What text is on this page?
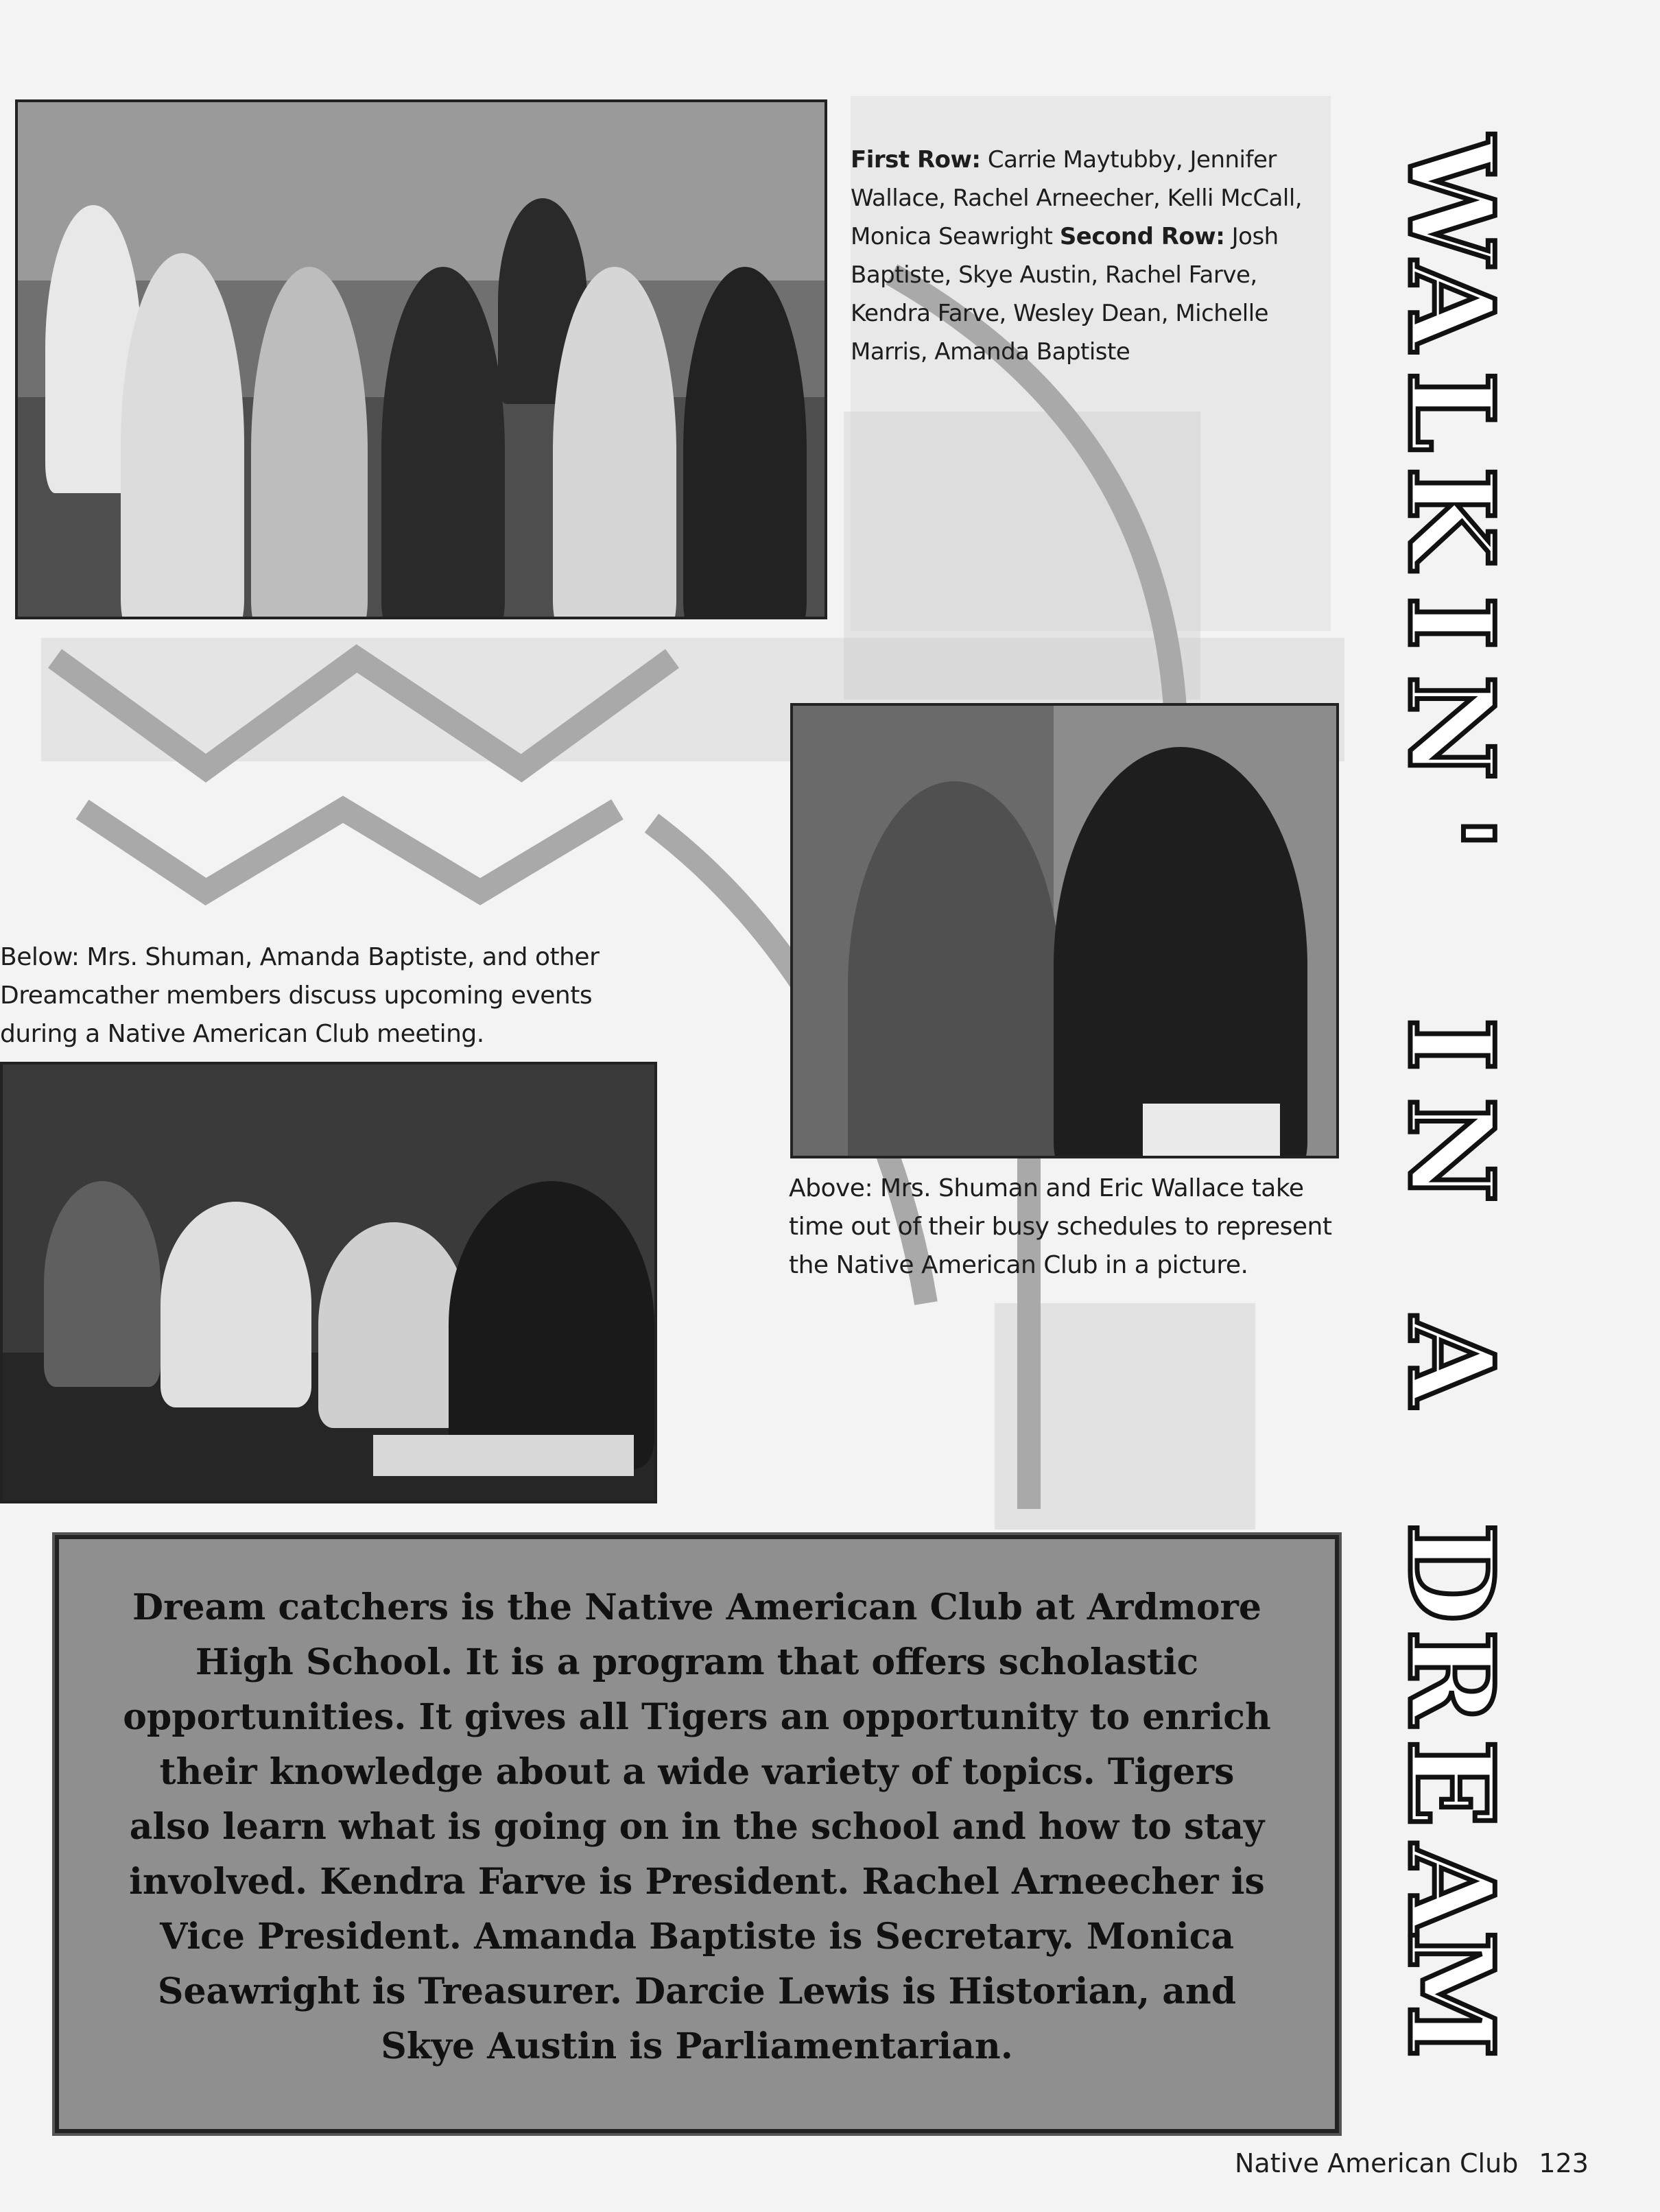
First Row: Carrie Maytubby, Jennifer Wallace, Rachel Arneecher, Kelli McCall, Monica Seawright Second Row: Josh Baptiste, Skye Austin, Rachel Farve, Kendra Farve, Wesley Dean, Michelle Marris, Amanda Baptiste
W
A
L
K
I
N
'
I
N
A
D
R
E
A
M
Below: Mrs. Shuman, Amanda Baptiste, and other Dreamcather members discuss upcoming events during a Native American Club meeting.
Above: Mrs. Shuman and Eric Wallace take time out of their busy schedules to represent the Native American Club in a picture.
Dream catchers is the Native American Club at Ardmore High School. It is a program that offers scholastic opportunities. It gives all Tigers an opportunity to enrich their knowledge about a wide variety of topics. Tigers also learn what is going on in the school and how to stay involved. Kendra Farve is President. Rachel Arneecher is Vice President. Amanda Baptiste is Secretary. Monica Seawright is Treasurer. Darcie Lewis is Historian, and Skye Austin is Parliamentarian.
Native American Club 123
